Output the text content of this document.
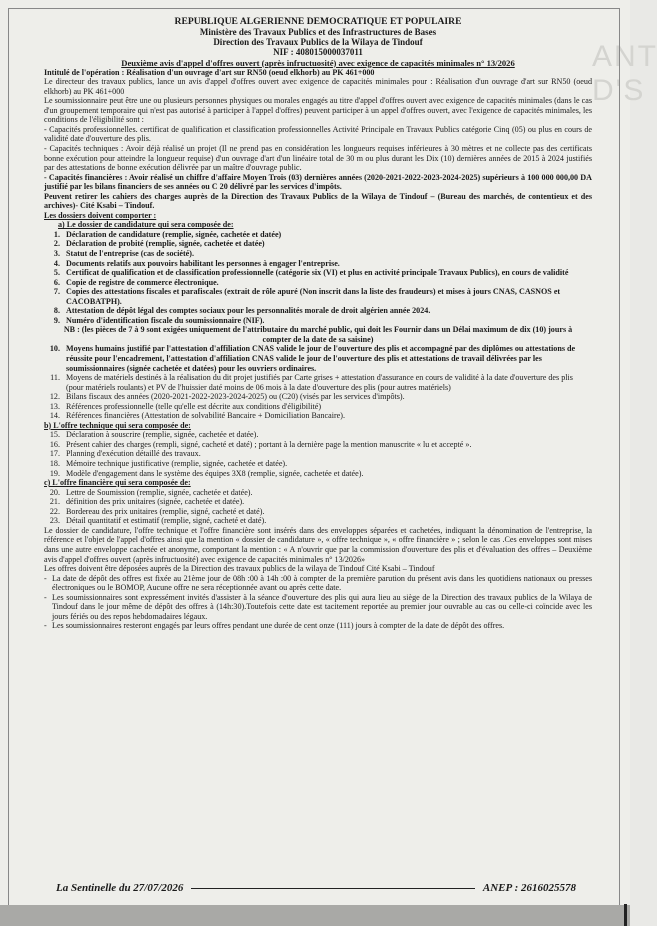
ANT D'S
REPUBLIQUE ALGERIENNE DEMOCRATIQUE ET POPULAIRE
Ministère des Travaux Publics et des Infrastructures de Bases
Direction des Travaux Publics de la Wilaya de Tindouf
NIF : 408015000037011
Deuxième avis d'appel d'offres ouvert (après infructuosité) avec exigence de capacités minimales n° 13/2026

Intitulé de l'opération : Réalisation d'un ouvrage d'art sur RN50 (oeud elkhorb) au PK 461+000

Le directeur des travaux publics, lance un avis d'appel d'offres ouvert avec exigence de capacités minimales pour : Réalisation d'un ouvrage d'art sur RN50 (oeud elkhorb) au PK 461+000

Le soumissionnaire peut être une ou plusieurs personnes physiques ou morales engagés au titre d'appel d'offres ouvert avec exigence de capacités minimales (dans le cas d'un groupement temporaire qui n'est pas autorisé à participer à l'appel d'offres) peuvent participer à un appel d'offres ouvert, avec l'exigence de capacités minimales, les conditions de l'éligibilité sont :

- Capacités professionnelles. certificat de qualification et classification professionnelles Activité Principale en Travaux Publics catégorie Cinq (05) ou plus en cours de validité date d'ouverture des plis.

- Capacités techniques : Avoir déjà réalisé un projet (Il ne prend pas en considération les longueurs requises inférieures à 30 mètres et ne collecte pas des certificats bonne exécution pour atteindre la longueur requise) d'un ouvrage d'art d'un linéaire total de 30 m ou plus durant les Dix (10) dernières années de 2015 à 2024 justifiés par des attestations de bonne exécution délivrée par un maître d'ouvrage public.

- Capacités financières : Avoir réalisé un chiffre d'affaire Moyen Trois (03) dernières années (2020-2021-2022-2023-2024-2025) supérieurs à 100 000 000,00 DA justifié par les bilans financiers de ses années ou C 20 délivré par les services d'impôts.

Peuvent retirer les cahiers des charges auprès de la Direction des Travaux Publics de la Wilaya de Tindouf – (Bureau des marchés, de contentieux et des archives)- Cité Ksabi – Tindouf.

Les dossiers doivent comporter :

a) Le dossier de candidature qui sera composée de:

1. Déclaration de candidature (remplie, signée, cachetée et datée)
2. Déclaration de probité (remplie, signée, cachetée et datée)
3. Statut de l'entreprise (cas de société).
4. Documents relatifs aux pouvoirs habilitant les personnes à engager l'entreprise.
5. Certificat de qualification et de classification professionnelle (catégorie six (VI) et plus en activité principale Travaux Publics), en cours de validité
6. Copie de registre de commerce électronique.
7. Copies des attestations fiscales et parafiscales (extrait de rôle apuré (Non inscrit dans la liste des fraudeurs) et mises à jours CNAS, CASNOS et CACOBATPH).
8. Attestation de dépôt légal des comptes sociaux pour les personnalités morale de droit algérien année 2024.
9. Numéro d'identification fiscale du soumissionnaire (NIF).

NB : (les pièces de 7 à 9 sont exigées uniquement de l'attributaire du marché public, qui doit les Fournir dans un Délai maximum de dix (10) jours à compter de la date de sa saisine)

10. Moyens humains justifié par l'attestation d'affiliation CNAS valide le jour de l'ouverture des plis et accompagné par des diplômes ou attestations de réussite pour l'encadrement, l'attestation d'affiliation CNAS valide le jour de l'ouverture des plis et attestations de travail délivrées par les soumissionnaires (signée cachetée et datées) pour les ouvriers ordinaires.
11. Moyens de matériels destinés à la réalisation du dit projet justifiés par Carte grises + attestation d'assurance en cours de validité à la date d'ouverture des plis (pour matériels roulants) et PV de l'huissier daté moins de 06 mois à la date d'ouverture des plis (pour autres matériels)
12. Bilans fiscaux des années (2020-2021-2022-2023-2024-2025) ou (C20) (visés par les services d'impôts).
13. Références professionnelle (telle qu'elle est décrite aux conditions d'éligibilité)
14. Références financières (Attestation de solvabilité Bancaire + Domiciliation Bancaire).

b) L'offre technique qui sera composée de:

15. Déclaration à souscrire (remplie, signée, cachetée et datée).
16. Présent cahier des charges (rempli, signé, cacheté et daté) ; portant à la dernière page la mention manuscrite « lu et accepté ».
17. Planning d'exécution détaillé des travaux.
18. Mémoire technique justificative (remplie, signée, cachetée et datée).
19. Modèle d'engagement dans le système des équipes 3X8 (remplie, signée, cachetée et datée).

c) L'offre financière qui sera composée de:

20. Lettre de Soumission (remplie, signée, cachetée et datée).
21. définition des prix unitaires (signée, cachetée et datée).
22. Bordereau des prix unitaires (remplie, signé, cacheté et daté).
23. Détail quantitatif et estimatif (remplie, signé, cacheté et daté).

Le dossier de candidature, l'offre technique et l'offre financière sont insérés dans des enveloppes séparées et cachetées, indiquant la dénomination de l'entreprise, la référence et l'objet de l'appel d'offres ainsi que la mention « dossier de candidature », « offre technique », « offre financière » ; selon le cas .Ces enveloppes sont mises dans une autre enveloppe cachetée et anonyme, comportant la mention : « A n'ouvrir que par la commission d'ouverture des plis et d'évaluation des offres – Deuxième avis d'appel d'offres ouvert (après infructuosité) avec exigence de capacités minimales n° 13/2026»

Les offres doivent être déposées auprès de la Direction des travaux publics de la wilaya de Tindouf Cité Ksabi – Tindouf

- La date de dépôt des offres est fixée au 21ème jour de 08h :00 à 14h :00 à compter de la première parution du présent avis dans les quotidiens nationaux ou presses électroniques ou le BOMOP, Aucune offre ne sera réceptionnée avant ou après cette date.
- Les soumissionnaires sont expressément invités d'assister à la séance d'ouverture des plis qui aura lieu au siège de la Direction des travaux publics de la Wilaya de Tindouf dans le jour même de dépôt des offres à (14h:30).Toutefois cette date est tacitement reportée au premier jour ouvrable au cas ou celle-ci coïncide avec les jours fériés ou des repos hebdomadaires légaux.
- Les soumissionnaires resteront engagés par leurs offres pendant une durée de cent onze (111) jours à compter de la date de dépôt des offres.
La Sentinelle du 27/07/2026	ANEP : 2616025578
